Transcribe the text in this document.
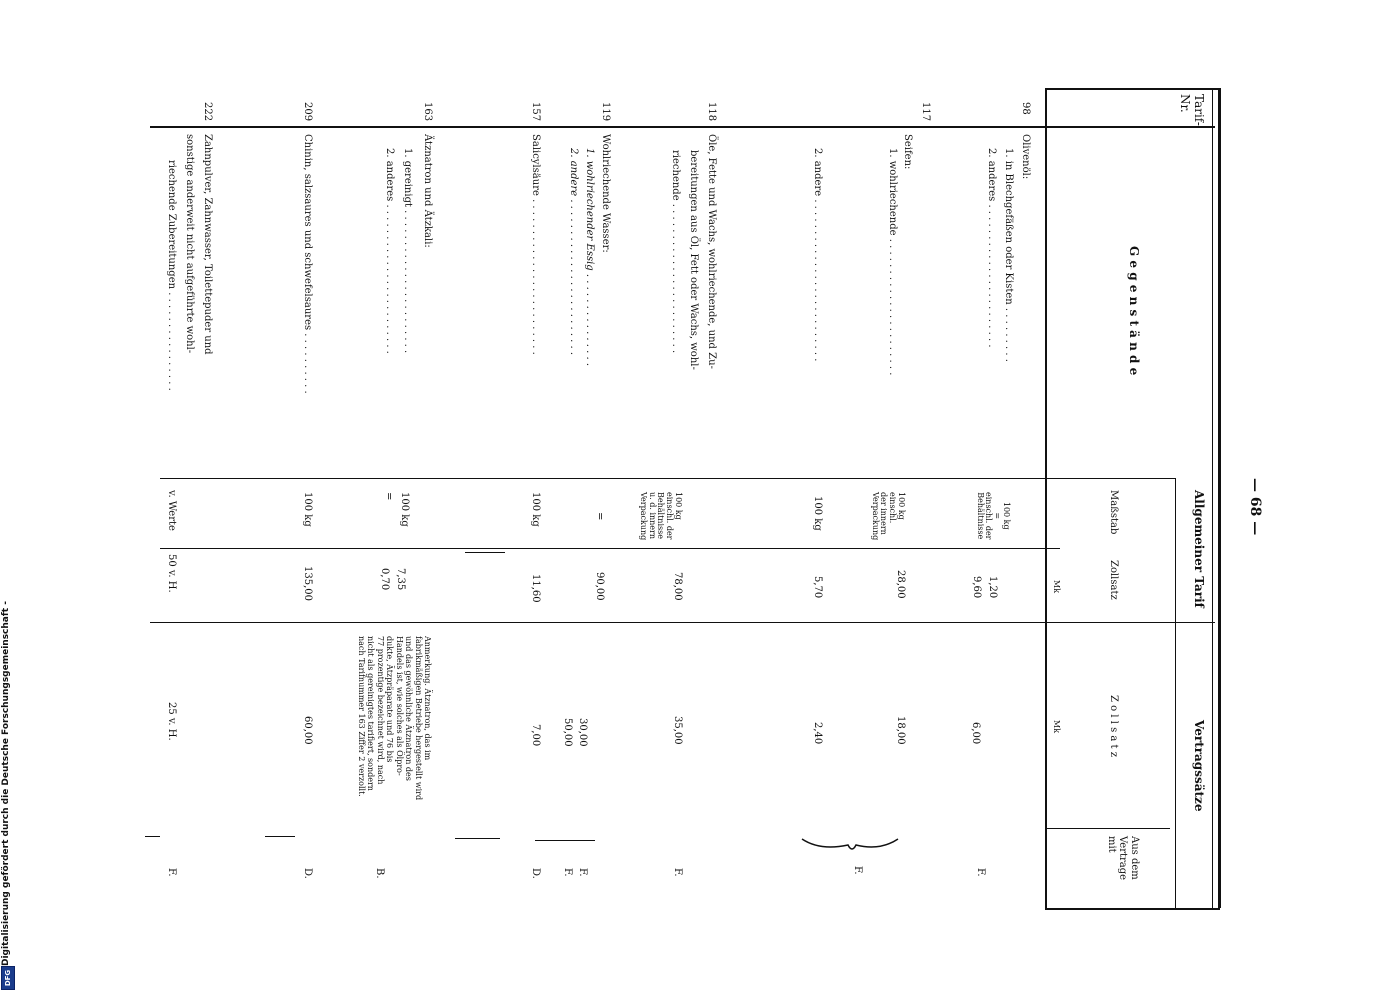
— 68 —
Tarif-
Nr.
G e g e n s t ä n d e
Allgemeiner Tarif
Vertragssätze
Maßstab
Zollsatz
Z o l l s a t z
Aus dem
Vertrage
mit
Mk
Mk
98
Olivenöl:
1. in Blechgefäßen oder Kisten . . . . . . . . .
2. anderes . . . . . . . . . . . . . . . . . . . . . . .
100 kg
=
einschl. der
Behältnisse
1,20
9,60
6,00
F.
117
Seifen:
1. wohlriechende . . . . . . . . . . . . . . . . . . . . . .
2. andere . . . . . . . . . . . . . . . . . . . . . . . . . .
100 kg
einschl.
der innern
Verpackung
28,00
18,00
F.
100 kg
5,70
2,40
118
Öle, Fette und Wachs, wohlriechende, und Zu-
bereitungen aus Öl, Fett oder Wachs, wohl-
riechende . . . . . . . . . . . . . . . . . . . . . . . .
100 kg
einschl. der
Behältnisse
u. d. innern
Verpackung
78,00
35,00
F.
119
Wohlriechende Wasser:
1. wohlriechender Essig . . . . . . . . . . . . . . .
2. andere . . . . . . . . . . . . . . . . . . . . . . . . .
=
90,00
30,00
50,00
F.
F.
157
Salicylsäure . . . . . . . . . . . . . . . . . . . . . . . . .
100 kg
11,60
7,00
D.
163
Ätznatron und Ätzkali:
1. gereinigt . . . . . . . . . . . . . . . . . . . . . . .
2. anderes . . . . . . . . . . . . . . . . . . . . . . . .
100 kg
=
7,35
0,70
Anmerkung. Ätznatron, das im
fabrikmäßigen Betriebe hergestellt wird
und das gewöhnliche Ätznatron des
Handels ist, wie solches als Ölpro-
dukte, Ätzpräparate und 76 bis
77 prozentige bezeichnet wird, nach
nicht als gereinigtes tarifiert, sondern
nach Tarifnummer 163 Ziffer 2 verzollt.
B.
209
Chinin, salzsaures und schwefelsaures . . . . . . . . . .
100 kg
135,00
60,00
D.
222
Zahnpulver, Zahnwasser, Toilettepuder und
sonstige anderweit nicht aufgeführte wohl-
riechende Zubereitungen . . . . . . . . . . . . . . . .
v. Werte
50 v. H.
25 v. H.
F.
Digitalisierung gefördert durch die Deutsche Forschungsgemeinschaft -
DFG
